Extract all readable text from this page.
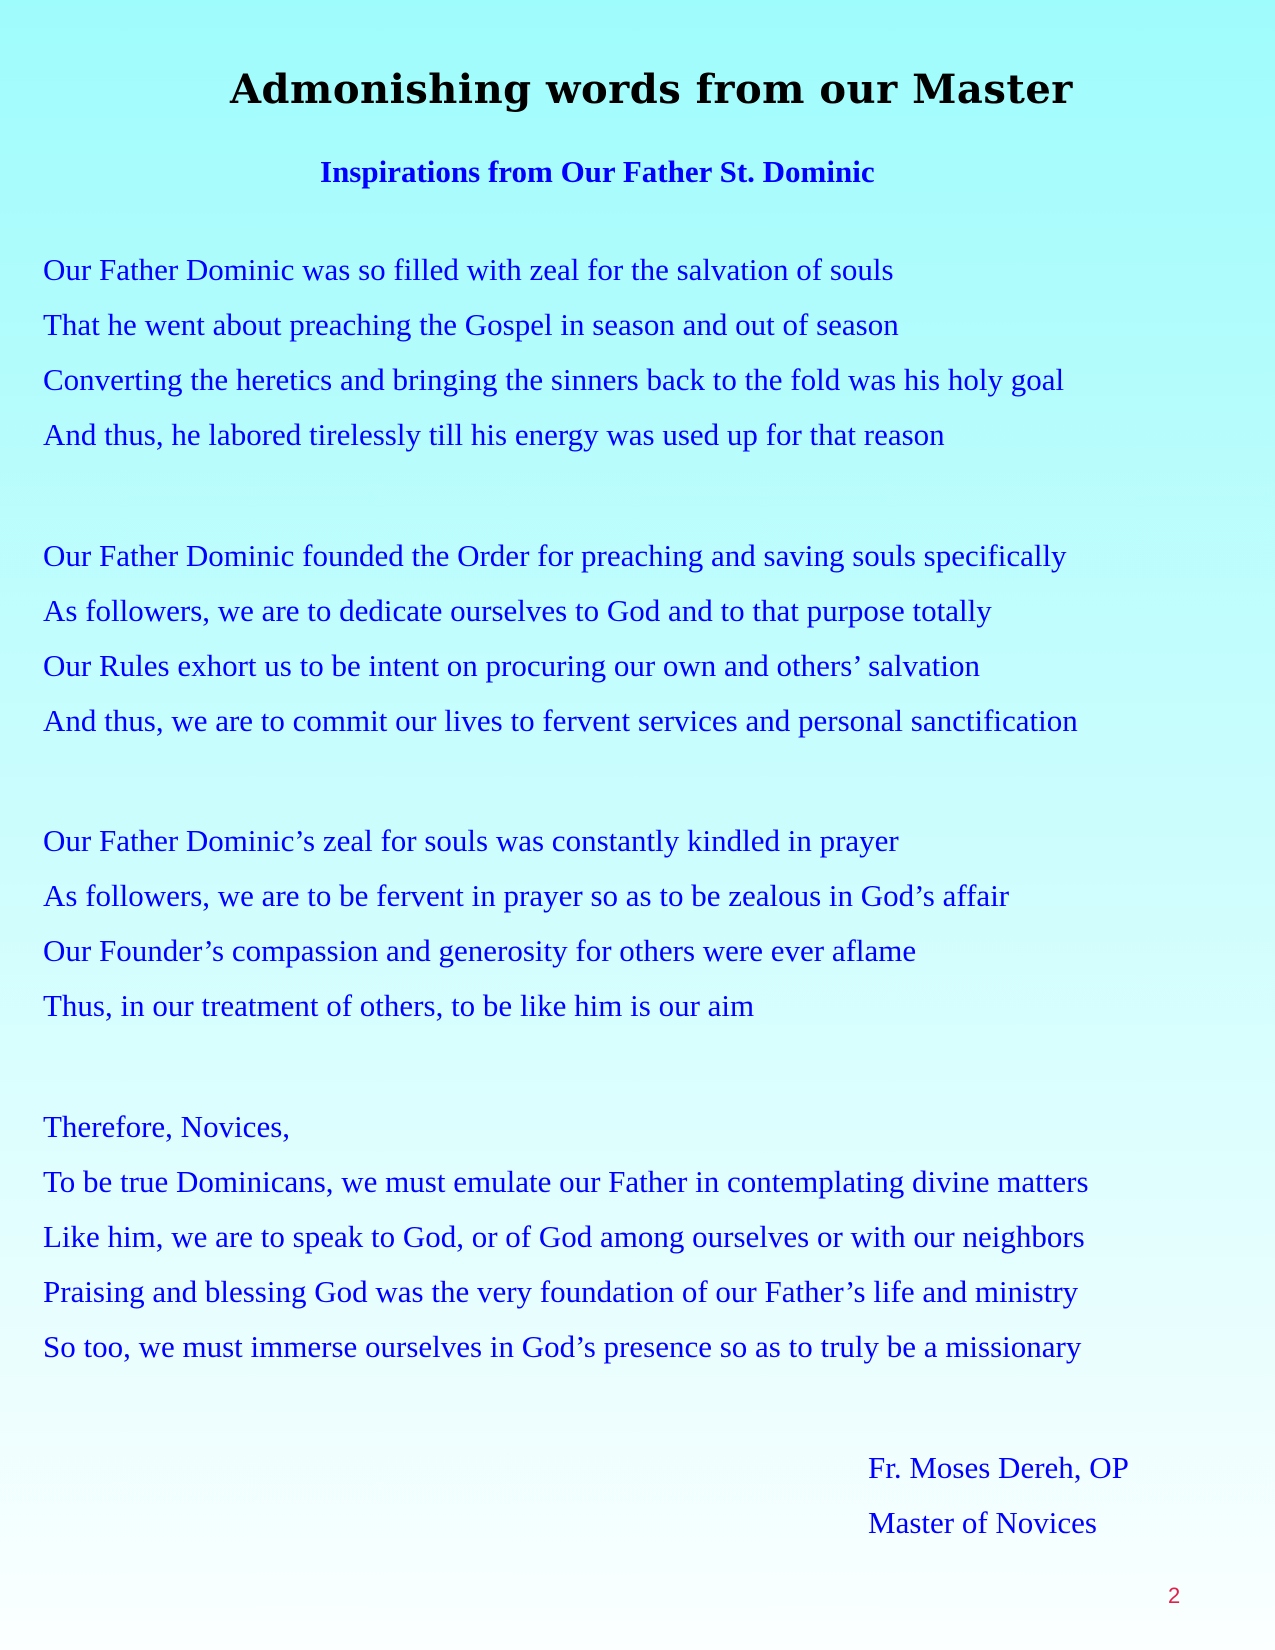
Admonishing words from our Master
Inspirations from Our Father St. Dominic

Our Father Dominic was so filled with zeal for the salvation of souls

That he went about preaching the Gospel in season and out of season

Converting the heretics and bringing the sinners back to the fold was his holy goal

And thus, he labored tirelessly till his energy was used up for that reason

Our Father Dominic founded the Order for preaching and saving souls specifically

As followers, we are to dedicate ourselves to God and to that purpose totally

Our Rules exhort us to be intent on procuring our own and others’ salvation

And thus, we are to commit our lives to fervent services and personal sanctification

Our Father Dominic’s zeal for souls was constantly kindled in prayer

As followers, we are to be fervent in prayer so as to be zealous in God’s affair

Our Founder’s compassion and generosity for others were ever aflame

Thus, in our treatment of others, to be like him is our aim

Therefore, Novices,

To be true Dominicans, we must emulate our Father in contemplating divine matters

Like him, we are to speak to God, or of God among ourselves or with our neighbors

Praising and blessing God was the very foundation of our Father’s life and ministry

So too, we must immerse ourselves in God’s presence so as to truly be a missionary

Fr. Moses Dereh, OP

Master of Novices

2
